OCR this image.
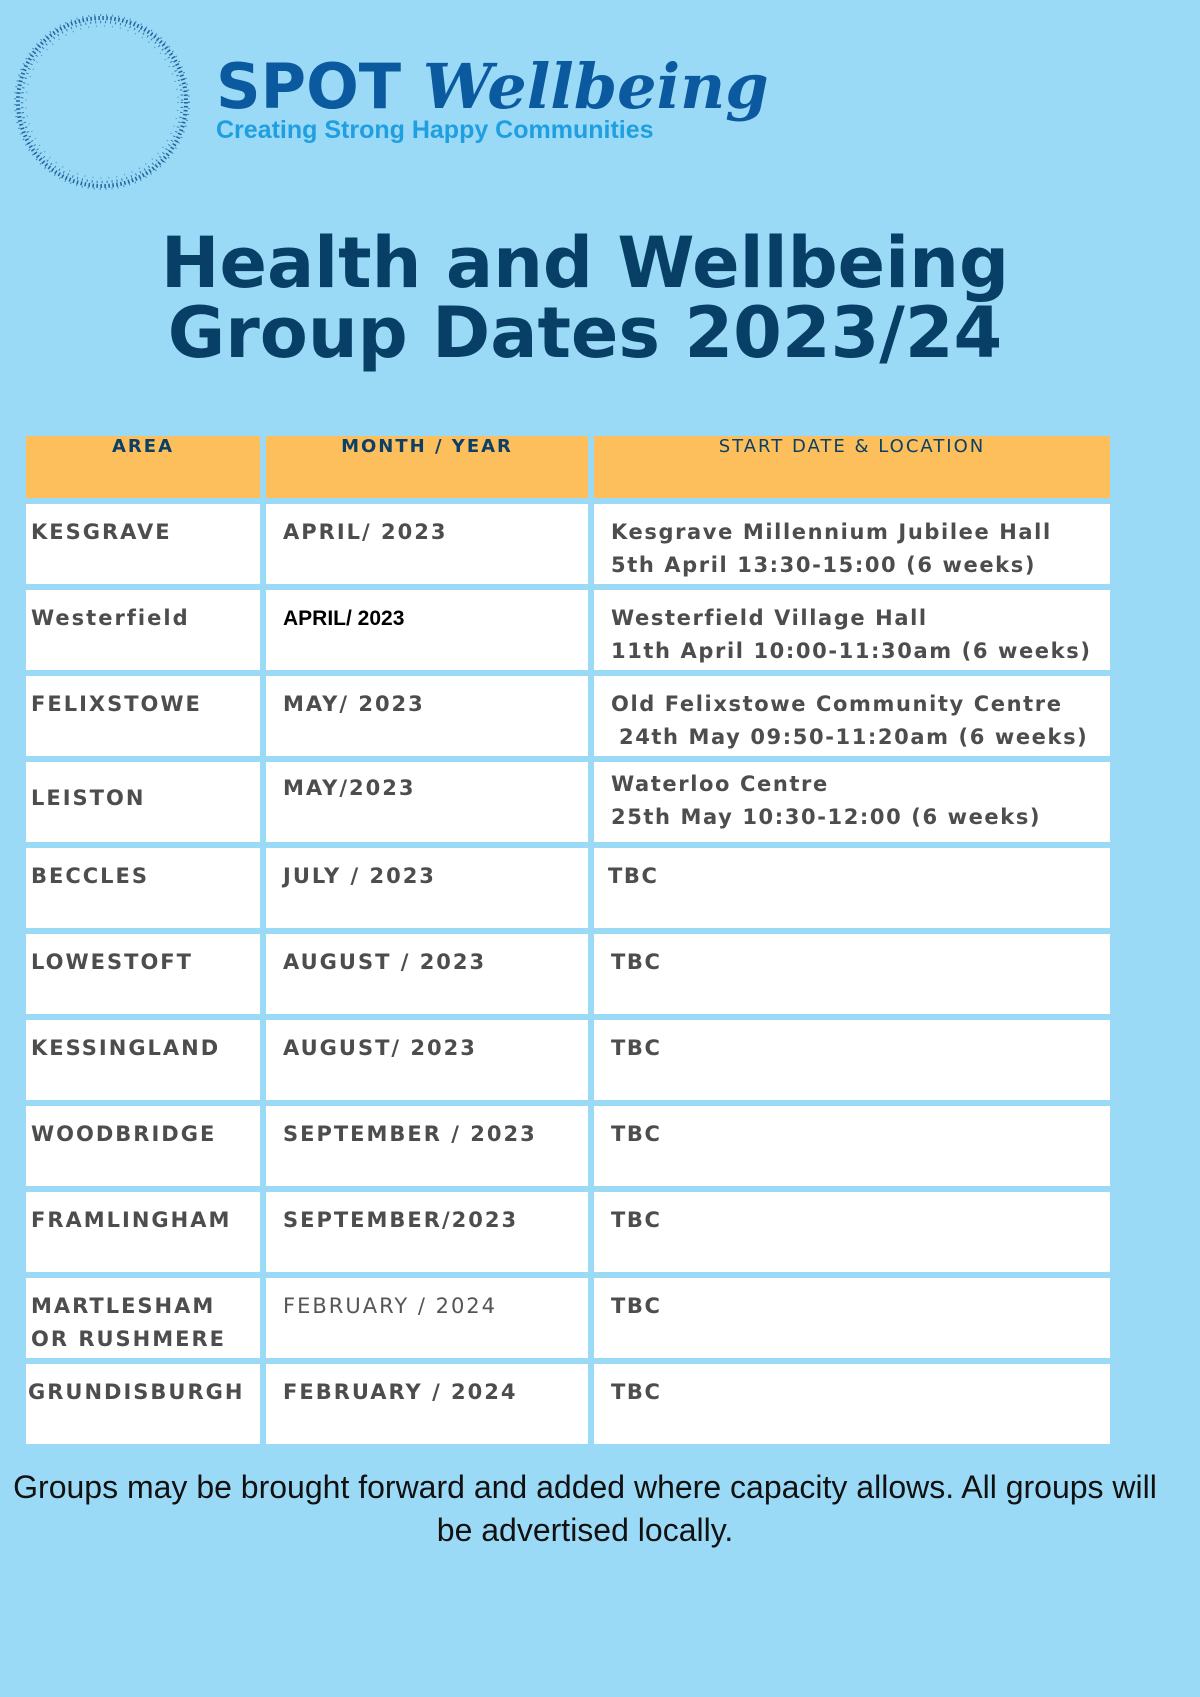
SPOT Wellbeing
Creating Strong Happy Communities
Health and Wellbeing
Group Dates 2023/24
AREA	MONTH / YEAR	START DATE & LOCATION

KESGRAVE	APRIL/ 2023	Kesgrave Millennium Jubilee Hall
5th April 13:30-15:00 (6 weeks)

Westerfield	APRIL/ 2023	Westerfield Village Hall
11th April 10:00-11:30am (6 weeks)

FELIXSTOWE	MAY/ 2023	Old Felixstowe Community Centre
24th May 09:50-11:20am (6 weeks)

LEISTON	MAY/2023	Waterloo Centre
25th May 10:30-12:00 (6 weeks)

BECCLES	JULY / 2023	TBC

LOWESTOFT	AUGUST / 2023	TBC

KESSINGLAND	AUGUST/ 2023	TBC

WOODBRIDGE	SEPTEMBER / 2023	TBC

FRAMLINGHAM	SEPTEMBER/2023	TBC

MARTLESHAM
OR RUSHMERE	FEBRUARY / 2024	TBC

GRUNDISBURGH	FEBRUARY / 2024	TBC
Groups may be brought forward and added where capacity allows. All groups will be advertised locally.
